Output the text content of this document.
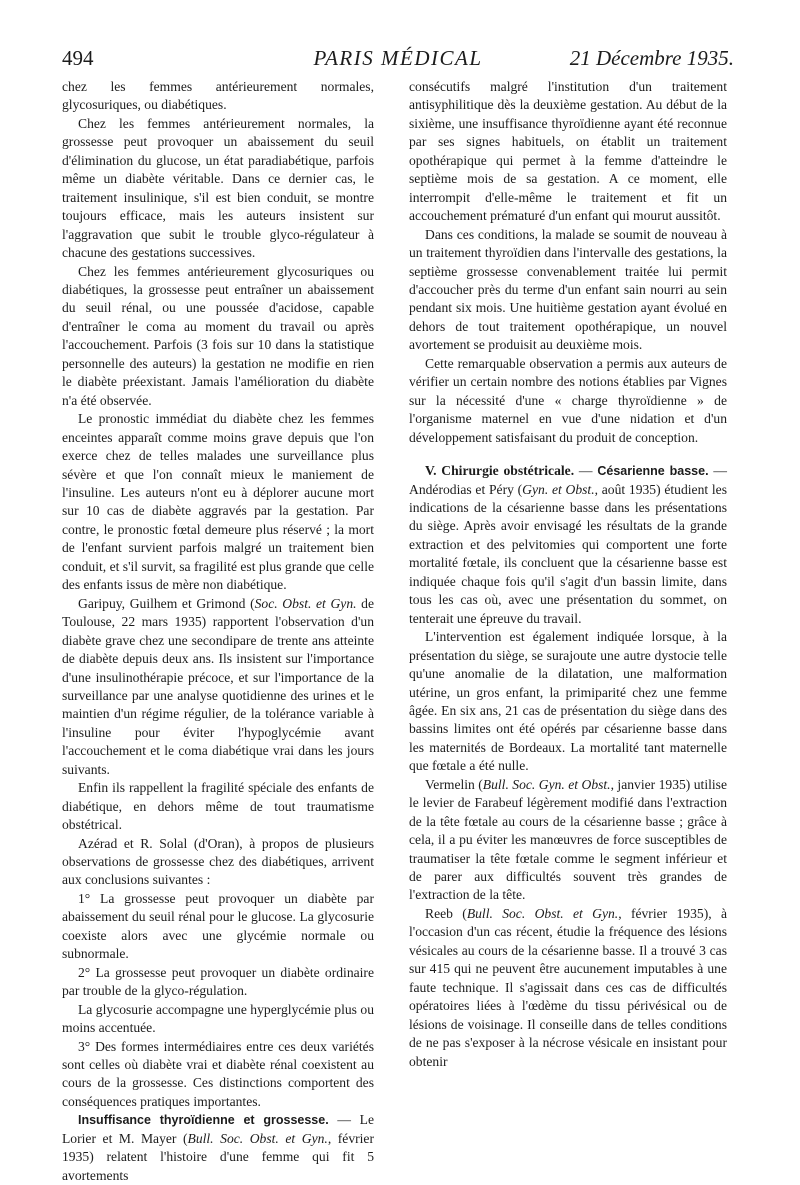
494	PARIS MÉDICAL	21 Décembre 1935.

chez les femmes antérieurement normales, glycosuriques, ou diabétiques.

Chez les femmes antérieurement normales, la grossesse peut provoquer un abaissement du seuil d'élimination du glucose, un état paradiabétique, parfois même un diabète véritable. Dans ce dernier cas, le traitement insulinique, s'il est bien conduit, se montre toujours efficace, mais les auteurs insistent sur l'aggravation que subit le trouble glyco-régulateur à chacune des gestations successives.

Chez les femmes antérieurement glycosuriques ou diabétiques, la grossesse peut entraîner un abaissement du seuil rénal, ou une poussée d'acidose, capable d'entraîner le coma au moment du travail ou après l'accouchement. Parfois (3 fois sur 10 dans la statistique personnelle des auteurs) la gestation ne modifie en rien le diabète préexistant. Jamais l'amélioration du diabète n'a été observée.

Le pronostic immédiat du diabète chez les femmes enceintes apparaît comme moins grave depuis que l'on exerce chez de telles malades une surveillance plus sévère et que l'on connaît mieux le maniement de l'insuline. Les auteurs n'ont eu à déplorer aucune mort sur 10 cas de diabète aggravés par la gestation. Par contre, le pronostic fœtal demeure plus réservé ; la mort de l'enfant survient parfois malgré un traitement bien conduit, et s'il survit, sa fragilité est plus grande que celle des enfants issus de mère non diabétique.

Garipuy, Guilhem et Grimond (Soc. Obst. et Gyn. de Toulouse, 22 mars 1935) rapportent l'observation d'un diabète grave chez une secondipare de trente ans atteinte de diabète depuis deux ans. Ils insistent sur l'importance d'une insulinothérapie précoce, et sur l'importance de la surveillance par une analyse quotidienne des urines et le maintien d'un régime régulier, de la tolérance variable à l'insuline pour éviter l'hypoglycémie avant l'accouchement et le coma diabétique vrai dans les jours suivants.

Enfin ils rappellent la fragilité spéciale des enfants de diabétique, en dehors même de tout traumatisme obstétrical.

Azérad et R. Solal (d'Oran), à propos de plusieurs observations de grossesse chez des diabétiques, arrivent aux conclusions suivantes :

1° La grossesse peut provoquer un diabète par abaissement du seuil rénal pour le glucose. La glycosurie coexiste alors avec une glycémie normale ou subnormale.

2° La grossesse peut provoquer un diabète ordinaire par trouble de la glyco-régulation.

La glycosurie accompagne une hyperglycémie plus ou moins accentuée.

3° Des formes intermédiaires entre ces deux variétés sont celles où diabète vrai et diabète rénal coexistent au cours de la grossesse. Ces distinctions comportent des conséquences pratiques importantes.

Insuffisance thyroïdienne et grossesse. — Le Lorier et M. Mayer (Bull. Soc. Obst. et Gyn., février 1935) relatent l'histoire d'une femme qui fit 5 avortements

consécutifs malgré l'institution d'un traitement antisyphilitique dès la deuxième gestation. Au début de la sixième, une insuffisance thyroïdienne ayant été reconnue par ses signes habituels, on établit un traitement opothérapique qui permet à la femme d'atteindre le septième mois de sa gestation. A ce moment, elle interrompit d'elle-même le traitement et fit un accouchement prématuré d'un enfant qui mourut aussitôt.

Dans ces conditions, la malade se soumit de nouveau à un traitement thyroïdien dans l'intervalle des gestations, la septième grossesse convenablement traitée lui permit d'accoucher près du terme d'un enfant sain nourri au sein pendant six mois. Une huitième gestation ayant évolué en dehors de tout traitement opothérapique, un nouvel avortement se produisit au deuxième mois.

Cette remarquable observation a permis aux auteurs de vérifier un certain nombre des notions établies par Vignes sur la nécessité d'une « charge thyroïdienne » de l'organisme maternel en vue d'une nidation et d'un développement satisfaisant du produit de conception.

V. Chirurgie obstétricale. — Césarienne basse. — Andérodias et Péry (Gyn. et Obst., août 1935) étudient les indications de la césarienne basse dans les présentations du siège. Après avoir envisagé les résultats de la grande extraction et des pelvitomies qui comportent une forte mortalité fœtale, ils concluent que la césarienne basse est indiquée chaque fois qu'il s'agit d'un bassin limite, dans tous les cas où, avec une présentation du sommet, on tenterait une épreuve du travail.

L'intervention est également indiquée lorsque, à la présentation du siège, se surajoute une autre dystocie telle qu'une anomalie de la dilatation, une malformation utérine, un gros enfant, la primiparité chez une femme âgée. En six ans, 21 cas de présentation du siège dans des bassins limites ont été opérés par césarienne basse dans les maternités de Bordeaux. La mortalité tant maternelle que fœtale a été nulle.

Vermelin (Bull. Soc. Gyn. et Obst., janvier 1935) utilise le levier de Farabeuf légèrement modifié dans l'extraction de la tête fœtale au cours de la césarienne basse ; grâce à cela, il a pu éviter les manœuvres de force susceptibles de traumatiser la tête fœtale comme le segment inférieur et de parer aux difficultés souvent très grandes de l'extraction de la tête.

Reeb (Bull. Soc. Obst. et Gyn., février 1935), à l'occasion d'un cas récent, étudie la fréquence des lésions vésicales au cours de la césarienne basse. Il a trouvé 3 cas sur 415 qui ne peuvent être aucunement imputables à une faute technique. Il s'agissait dans ces cas de difficultés opératoires liées à l'œdème du tissu périvésical ou de lésions de voisinage. Il conseille dans de telles conditions de ne pas s'exposer à la nécrose vésicale en insistant pour obtenir
